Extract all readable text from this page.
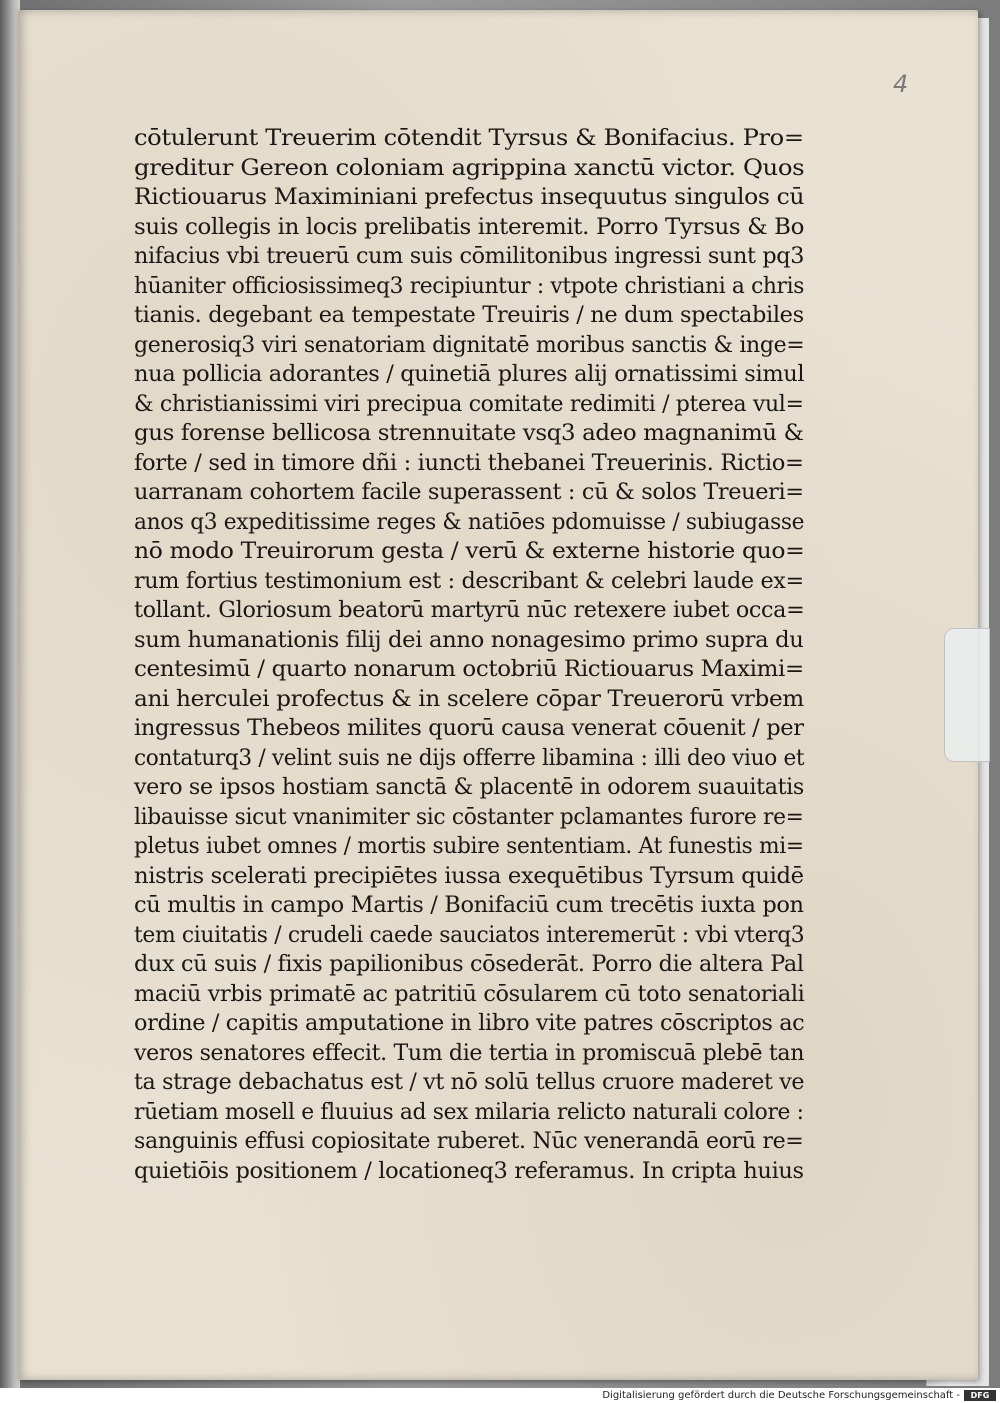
4
cōtulerunt Treuerim cōtendit Tyrsus & Bonifacius. Pro=
greditur Gereon coloniam agrippina xanctū victor. Quos
Rictiouarus Maximiniani prefectus insequutus singulos cū
suis collegis in locis prelibatis interemit. Porro Tyrsus & Bo
nifacius vbi treuerū cum suis cōmilitonibus ingressi sunt pq3
hūaniter officiosissimeq3 recipiuntur : vtpote christiani a chris
tianis. degebant ea tempestate Treuiris / ne dum spectabiles
generosiq3 viri senatoriam dignitatē moribus sanctis & inge=
nua pollicia adorantes / quinetiā plures alij ornatissimi simul
& christianissimi viri precipua comitate redimiti / pterea vul=
gus forense bellicosa strennuitate vsq3 adeo magnanimū &
forte / sed in timore dñi : iuncti thebanei Treuerinis. Rictio=
uarranam cohortem facile superassent : cū & solos Treueri=
anos q3 expeditissime reges & natiōes pdomuisse / subiugasse
nō modo Treuirorum gesta / verū & externe historie quo=
rum fortius testimonium est : describant & celebri laude ex=
tollant. Gloriosum beatorū martyrū nūc retexere iubet occa=
sum humanationis filij dei anno nonagesimo primo supra du
centesimū / quarto nonarum octobriū Rictiouarus Maximi=
ani herculei profectus & in scelere cōpar Treuerorū vrbem
ingressus Thebeos milites quorū causa venerat cōuenit / per
contaturq3 / velint suis ne dijs offerre libamina : illi deo viuo et
vero se ipsos hostiam sanctā & placentē in odorem suauitatis
libauisse sicut vnanimiter sic cōstanter pclamantes furore re=
pletus iubet omnes / mortis subire sententiam. At funestis mi=
nistris scelerati precipiētes iussa exequētibus Tyrsum quidē
cū multis in campo Martis / Bonifaciū cum trecētis iuxta pon
tem ciuitatis / crudeli caede sauciatos interemerūt : vbi vterq3
dux cū suis / fixis papilionibus cōsederāt. Porro die altera Pal
maciū vrbis primatē ac patritiū cōsularem cū toto senatoriali
ordine / capitis amputatione in libro vite patres cōscriptos ac
veros senatores effecit. Tum die tertia in promiscuā plebē tan
ta strage debachatus est / vt nō solū tellus cruore maderet ve
rūetiam mosell e fluuius ad sex milaria relicto naturali colore :
sanguinis effusi copiositate ruberet. Nūc venerandā eorū re=
quietiōis positionem / locationeq3 referamus. In cripta huius
Digitalisierung gefördert durch die Deutsche Forschungsgemeinschaft -	DFG
